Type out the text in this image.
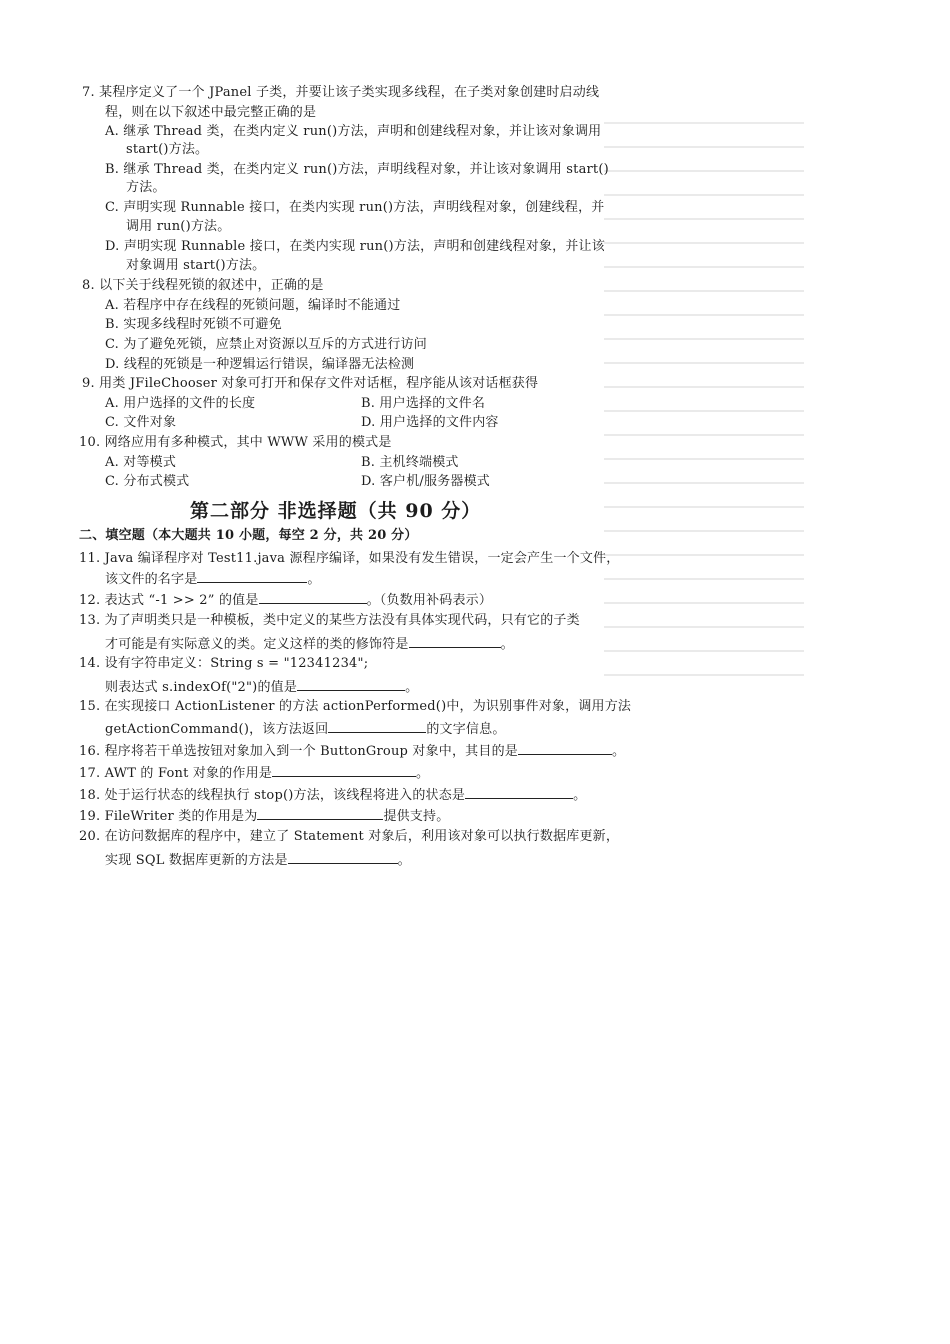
7. 某程序定义了一个 JPanel 子类，并要让该子类实现多线程，在子类对象创建时启动线
程，则在以下叙述中最完整正确的是
A. 继承 Thread 类，在类内定义 run()方法，声明和创建线程对象，并让该对象调用
start()方法。
B. 继承 Thread 类，在类内定义 run()方法，声明线程对象，并让该对象调用 start()
方法。
C. 声明实现 Runnable 接口，在类内实现 run()方法，声明线程对象，创建线程，并
调用 run()方法。
D. 声明实现 Runnable 接口，在类内实现 run()方法，声明和创建线程对象，并让该
对象调用 start()方法。
8. 以下关于线程死锁的叙述中，正确的是
A. 若程序中存在线程的死锁问题，编译时不能通过
B. 实现多线程时死锁不可避免
C. 为了避免死锁，应禁止对资源以互斥的方式进行访问
D. 线程的死锁是一种逻辑运行错误，编译器无法检测
9. 用类 JFileChooser 对象可打开和保存文件对话框，程序能从该对话框获得
A. 用户选择的文件的长度	B. 用户选择的文件名
C. 文件对象	D. 用户选择的文件内容
10. 网络应用有多种模式，其中 WWW 采用的模式是
A. 对等模式	B. 主机终端模式
C. 分布式模式	D. 客户机/服务器模式
第二部分 非选择题（共 90 分）
二、填空题（本大题共 10 小题，每空 2 分，共 20 分）
11. Java 编译程序对 Test11.java 源程序编译，如果没有发生错误，一定会产生一个文件，
该文件的名字是	。
12. 表达式 “-1 >> 2” 的值是	。（负数用补码表示）
13. 为了声明类只是一种模板，类中定义的某些方法没有具体实现代码，只有它的子类
才可能是有实际意义的类。定义这样的类的修饰符是	。
14. 设有字符串定义：String s = "12341234";
则表达式 s.indexOf("2")的值是	。
15. 在实现接口 ActionListener 的方法 actionPerformed()中，为识别事件对象，调用方法
getActionCommand()，该方法返回	的文字信息。
16. 程序将若干单选按钮对象加入到一个 ButtonGroup 对象中，其目的是	。
17. AWT 的 Font 对象的作用是	。
18. 处于运行状态的线程执行 stop()方法，该线程将进入的状态是	。
19. FileWriter 类的作用是为	提供支持。
20. 在访问数据库的程序中，建立了 Statement 对象后，利用该对象可以执行数据库更新，
实现 SQL 数据库更新的方法是	。
